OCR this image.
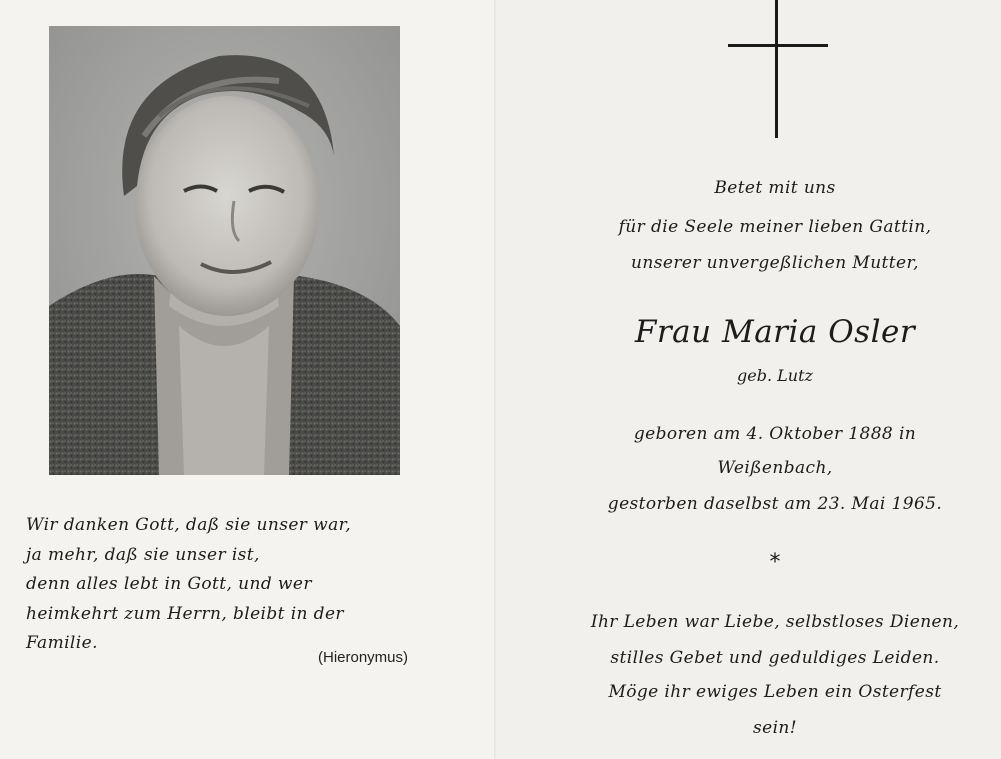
Wir danken Gott, daß sie unser war,
ja mehr, daß sie unser ist,
denn alles lebt in Gott, und wer
heimkehrt zum Herrn, bleibt in der
Familie.
(Hieronymus)
Betet mit uns
für die Seele meiner lieben Gattin,
unserer unvergeßlichen Mutter,
Frau Maria Osler
geb. Lutz
geboren am 4. Oktober 1888 in
Weißenbach,
gestorben daselbst am 23. Mai 1965.
*
Ihr Leben war Liebe, selbstloses Dienen,
stilles Gebet und geduldiges Leiden.
Möge ihr ewiges Leben ein Osterfest
sein!
